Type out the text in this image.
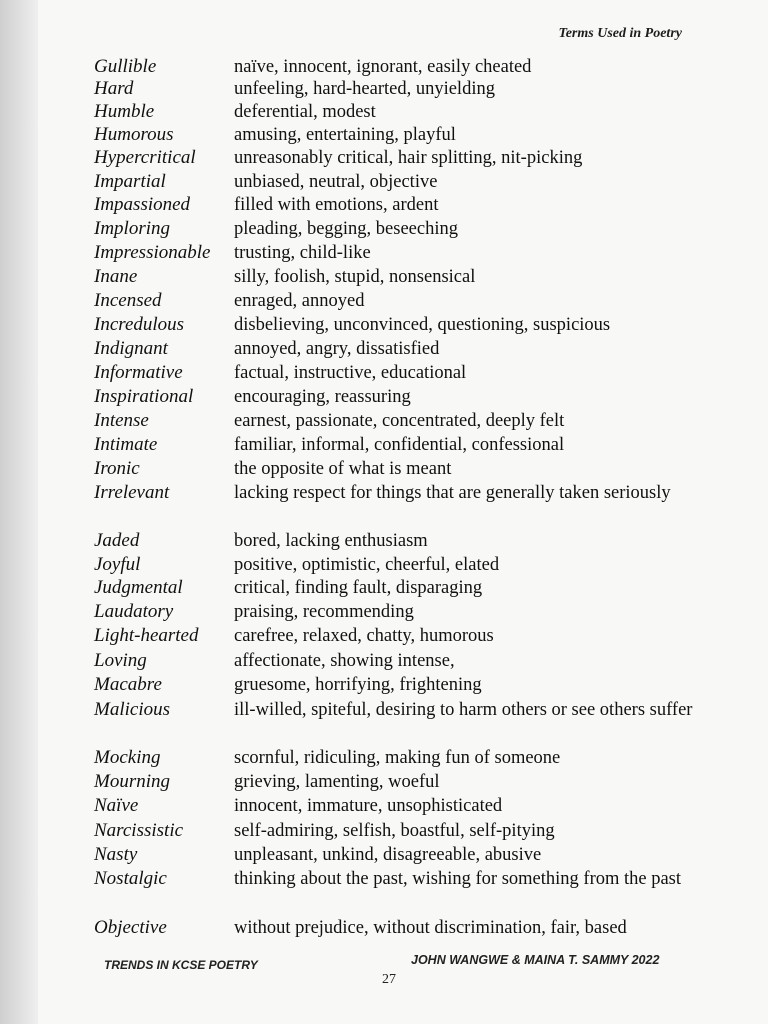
Terms Used in Poetry
Gullible	naïve, innocent, ignorant, easily cheated
Hard	unfeeling, hard-hearted, unyielding
Humble	deferential, modest
Humorous	amusing, entertaining, playful
Hypercritical unreasonably critical, hair splitting, nit-picking
Impartial	unbiased, neutral, objective
Impassioned filled with emotions, ardent
Imploring	pleading, begging, beseeching
Impressionable trusting, child-like
Inane	silly, foolish, stupid, nonsensical
Incensed	enraged, annoyed
Incredulous	disbelieving, unconvinced, questioning, suspicious
Indignant	annoyed, angry, dissatisfied
Informative	factual, instructive, educational
Inspirational encouraging, reassuring
Intense	earnest, passionate, concentrated, deeply felt
Intimate	familiar, informal, confidential, confessional
Ironic	the opposite of what is meant
Irrelevant	lacking respect for things that are generally taken seriously
Jaded	bored, lacking enthusiasm
Joyful	positive, optimistic, cheerful, elated
Judgmental	critical, finding fault, disparaging
Laudatory	praising, recommending
Light-hearted carefree, relaxed, chatty, humorous
Loving	affectionate, showing intense,
Macabre	gruesome, horrifying, frightening
Malicious	ill-willed, spiteful, desiring to harm others or see others suffer
Mocking	scornful, ridiculing, making fun of someone
Mourning	grieving, lamenting, woeful
Naïve	innocent, immature, unsophisticated
Narcissistic	self-admiring, selfish, boastful, self-pitying
Nasty	unpleasant, unkind, disagreeable, abusive
Nostalgic	thinking about the past, wishing for something from the past
Objective	without prejudice, without discrimination, fair, based
TRENDS IN KCSE POETRY	JOHN WANGWE & MAINA T. SAMMY 2022
27
